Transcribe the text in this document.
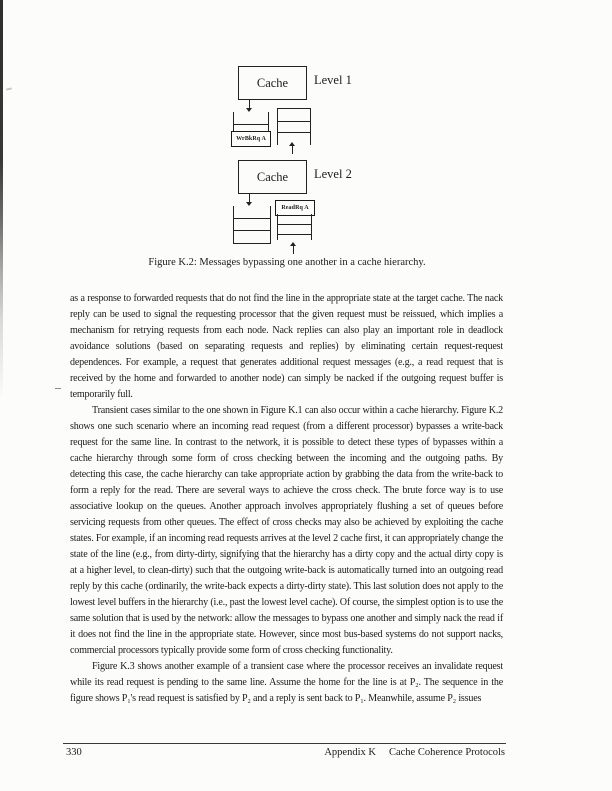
Cache Level 1
WrBkRq A
Cache Level 2
ReadRq A
Figure K.2: Messages bypassing one another in a cache hierarchy.

as a response to forwarded requests that do not find the line in the appropriate state at the target cache. The nack reply can be used to signal the requesting processor that the given request must be reissued, which implies a mechanism for retrying requests from each node. Nack replies can also play an important role in deadlock avoidance solutions (based on separating requests and replies) by eliminating certain request-request dependences. For example, a request that generates additional request messages (e.g., a read request that is received by the home and forwarded to another node) can simply be nacked if the outgoing request buffer is temporarily full.

Transient cases similar to the one shown in Figure K.1 can also occur within a cache hierarchy. Figure K.2 shows one such scenario where an incoming read request (from a different processor) bypasses a write-back request for the same line. In contrast to the network, it is possible to detect these types of bypasses within a cache hierarchy through some form of cross checking between the incoming and the outgoing paths. By detecting this case, the cache hierarchy can take appropriate action by grabbing the data from the write-back to form a reply for the read. There are several ways to achieve the cross check. The brute force way is to use associative lookup on the queues. Another approach involves appropriately flushing a set of queues before servicing requests from other queues. The effect of cross checks may also be achieved by exploiting the cache states. For example, if an incoming read requests arrives at the level 2 cache first, it can appropriately change the state of the line (e.g., from dirty-dirty, signifying that the hierarchy has a dirty copy and the actual dirty copy is at a higher level, to clean-dirty) such that the outgoing write-back is automatically turned into an outgoing read reply by this cache (ordinarily, the write-back expects a dirty-dirty state). This last solution does not apply to the lowest level buffers in the hierarchy (i.e., past the lowest level cache). Of course, the simplest option is to use the same solution that is used by the network: allow the messages to bypass one another and simply nack the read if it does not find the line in the appropriate state. However, since most bus-based systems do not support nacks, commercial processors typically provide some form of cross checking functionality.

Figure K.3 shows another example of a transient case where the processor receives an invalidate request while its read request is pending to the same line. Assume the home for the line is at P₂. The sequence in the figure shows P₁'s read request is satisfied by P₂ and a reply is sent back to P₁. Meanwhile, assume P₂ issues

330	Appendix K Cache Coherence Protocols
